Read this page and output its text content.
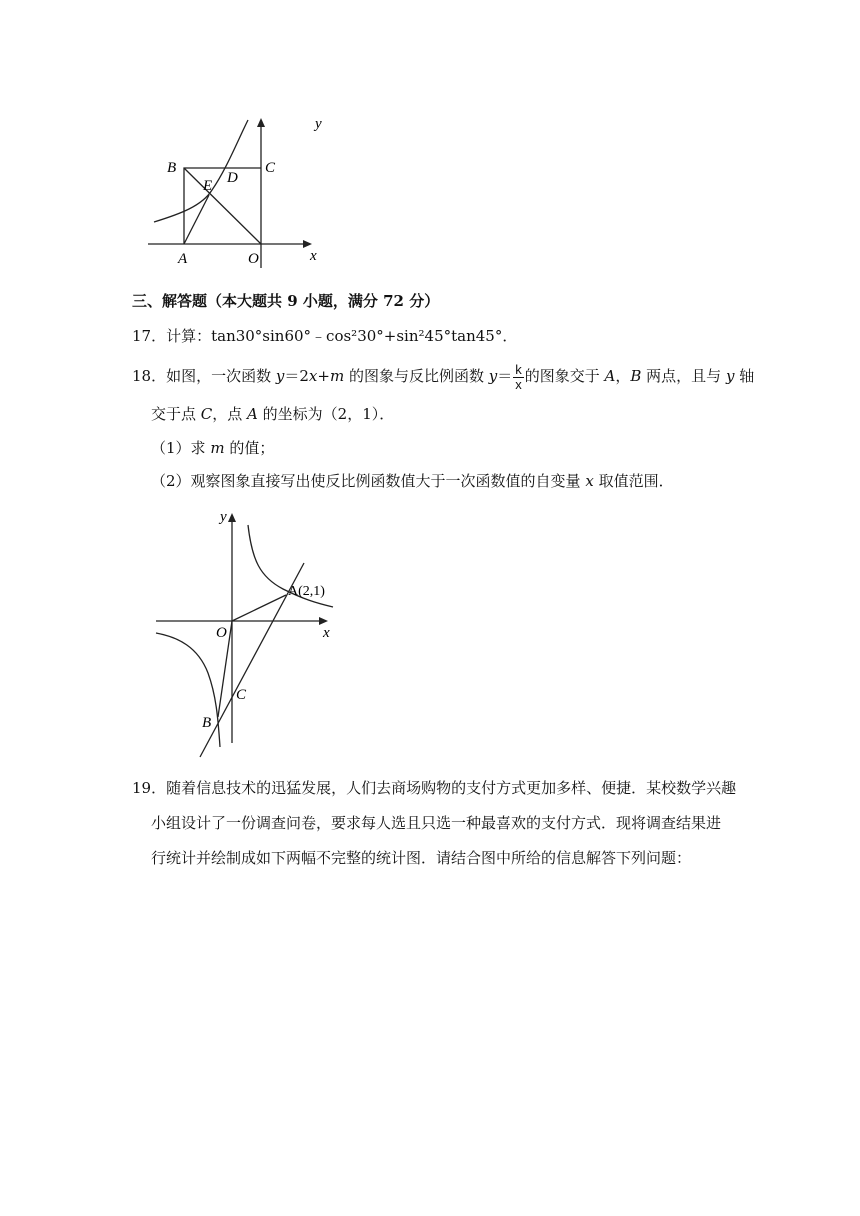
y
x
B	C
E D
A	O
三、解答题（本大题共 9 小题，满分 72 分）
17．计算：tan30°sin60°﹣cos²30°+sin²45°tan45°．
18．如图，一次函数 y＝2x+m 的图象与反比例函数 $y= \frac{k}{x}$ 的图象交于 A，B 两点，且与 y 轴
交于点 C，点 A 的坐标为（2，1）．
（1）求 m 的值；
（2）观察图象直接写出使反比例函数值大于一次函数值的自变量 x 取值范围．
y
A(2,1)
O	x
C
B
19．随着信息技术的迅猛发展，人们去商场购物的支付方式更加多样、便捷．某校数学兴趣
小组设计了一份调查问卷，要求每人选且只选一种最喜欢的支付方式．现将调查结果进
行统计并绘制成如下两幅不完整的统计图．请结合图中所给的信息解答下列问题：
